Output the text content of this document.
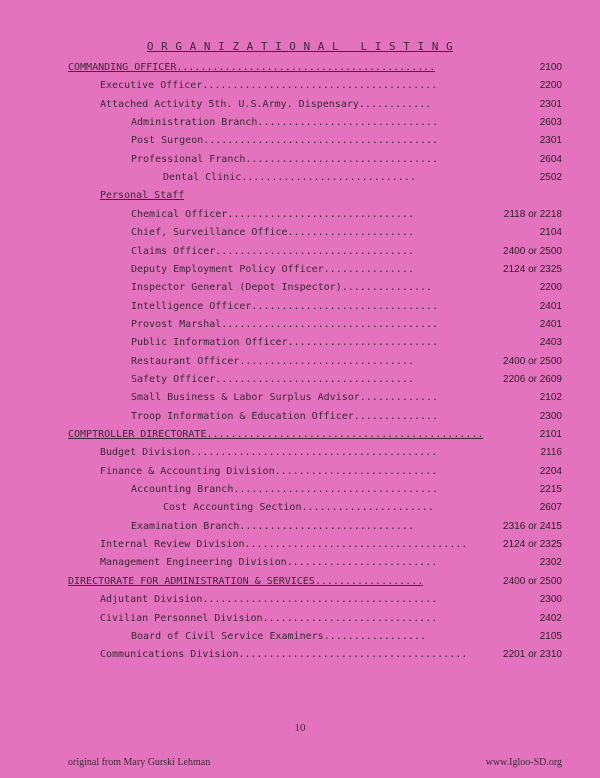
O R G A N I Z A T I O N A L   L I S T I N G
COMMANDING OFFICER...........................................	2100
Executive Officer.......................................	2200
Attached Activity 5th. U.S.Army. Dispensary............	2301
Administration Branch..............................	2603
Post Surgeon.......................................	2301
Professional Franch................................	2604
Dental Clinic.............................	2502
Personal Staff
Chemical Officer...............................	2118 or 2218
Chief, Surveillance Office.....................	2104
Claims Officer.................................	2400 or 2500
Deputy Employment Policy Officer...............	2124 or 2325
Inspector General (Depot Inspector)...............	2200
Intelligence Officer...............................	2401
Provost Marshal....................................	2401
Public Information Officer.........................	2403
Restaurant Officer.............................	2400 or 2500
Safety Officer.................................	2206 or 2609
Small Business & Labor Surplus Advisor.............	2102
Troop Information & Education Officer..............	2300
COMPTROLLER DIRECTORATE..............................................	2101
Budget Division.........................................	2116
Finance & Accounting Division...........................	2204
Accounting Branch..................................	2215
Cost Accounting Section......................	2607
Examination Branch.............................	2316 or 2415
Internal Review Division.....................................	2124 or 2325
Management Engineering Division.........................	2302
DIRECTORATE FOR ADMINISTRATION & SERVICES..................	2400 or 2500
Adjutant Division.......................................	2300
Civilian Personnel Division.............................	2402
Board of Civil Service Examiners.................	2105
Communications Division......................................	2201 or 2310
10
original from Mary Gurski Lehman	www.Igloo-SD.org
